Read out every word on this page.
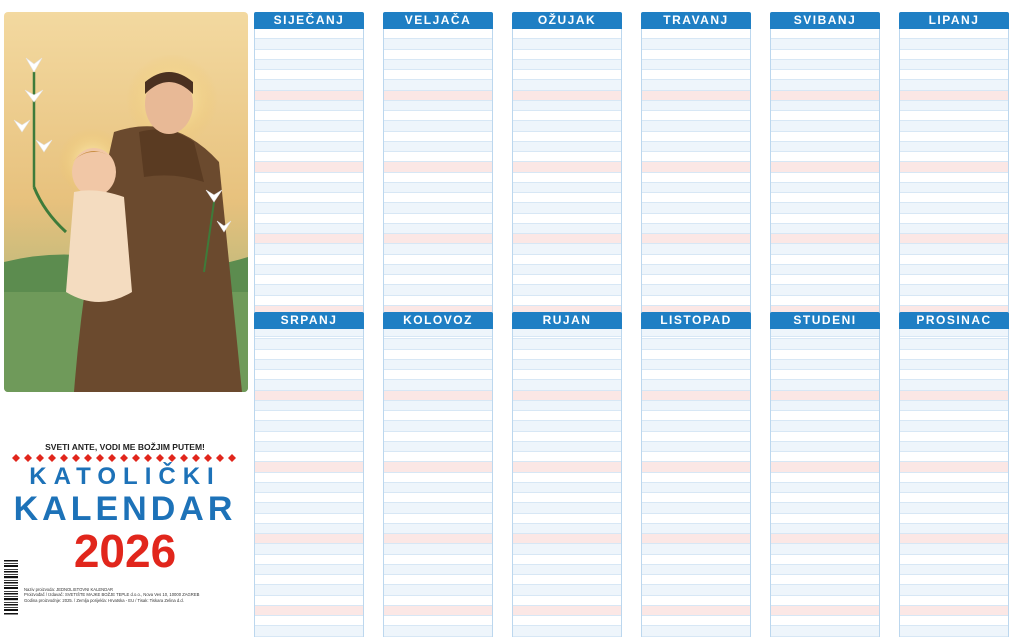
SVETI ANTE, VODI ME BOŽJIM PUTEM!
KATOLIČKI
KALENDAR
2026
Naziv proizvoda: JEDNOLISTOVNI KALENDAR
Proizvođač / Izdavač: SVETIŠTE MAJKE BOŽJE TEPLE d.o.o., Nova Ves 10, 10000 ZAGREB
Godina proizvodnje: 2025. / Zemlja porijekla: Hrvatska - EU / Tisak: Tiskara Zelina d.d.
SIJEČANJ	VELJAČA	OŽUJAK	TRAVANJ	SVIBANJ	LIPANJ
SRPANJ	KOLOVOZ	RUJAN	LISTOPAD	STUDENI	PROSINAC
